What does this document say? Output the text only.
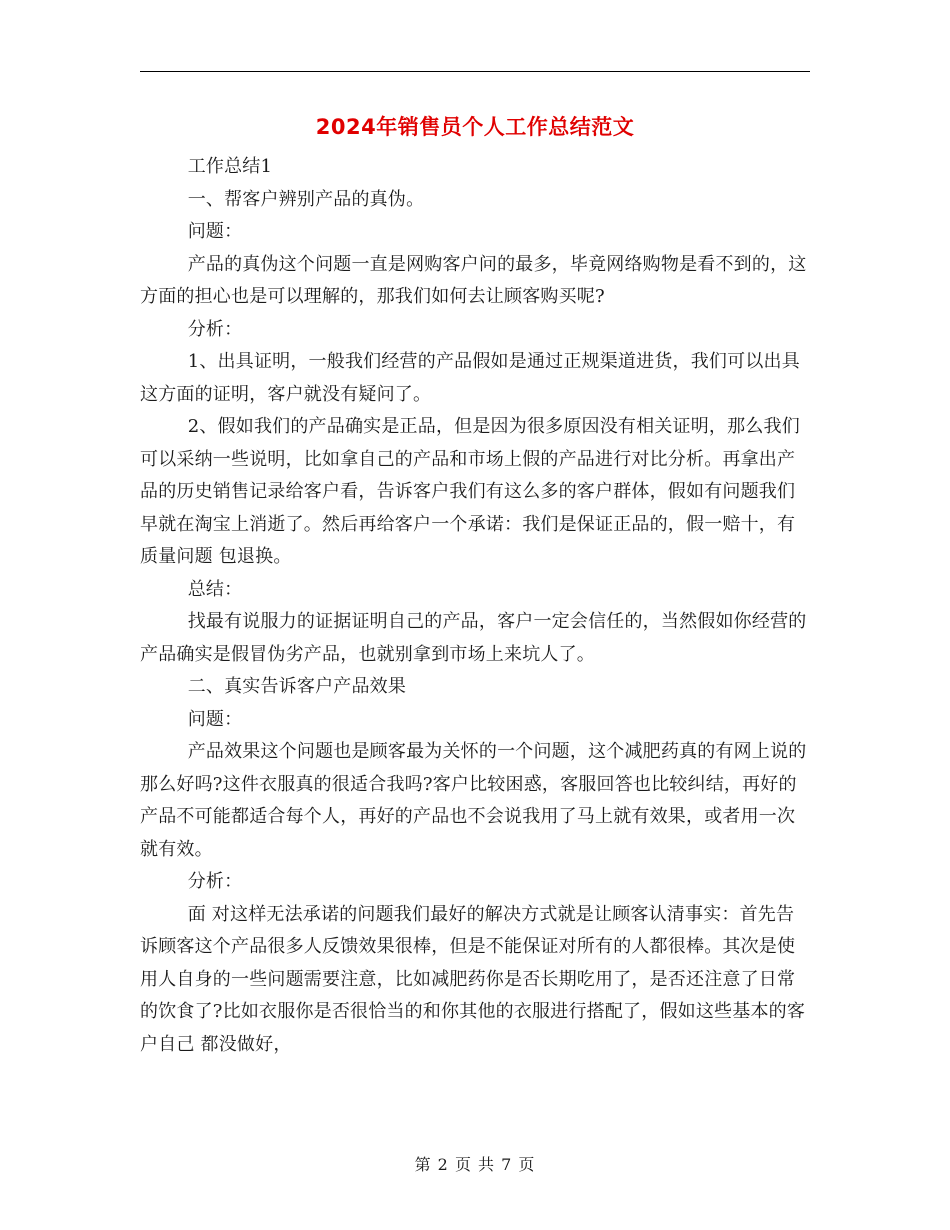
2024年销售员个人工作总结范文

工作总结1

一、帮客户辨别产品的真伪。

问题：

产品的真伪这个问题一直是网购客户问的最多，毕竟网络购物是看不到的，这方面的担心也是可以理解的，那我们如何去让顾客购买呢?

分析：

1、出具证明，一般我们经营的产品假如是通过正规渠道进货，我们可以出具这方面的证明，客户就没有疑问了。

2、假如我们的产品确实是正品，但是因为很多原因没有相关证明，那么我们可以采纳一些说明，比如拿自己的产品和市场上假的产品进行对比分析。再拿出产品的历史销售记录给客户看，告诉客户我们有这么多的客户群体，假如有问题我们早就在淘宝上消逝了。然后再给客户一个承诺：我们是保证正品的，假一赔十，有质量问题 包退换。

总结：

找最有说服力的证据证明自己的产品，客户一定会信任的，当然假如你经营的产品确实是假冒伪劣产品，也就别拿到市场上来坑人了。

二、真实告诉客户产品效果

问题：

产品效果这个问题也是顾客最为关怀的一个问题，这个减肥药真的有网上说的那么好吗?这件衣服真的很适合我吗?客户比较困惑，客服回答也比较纠结，再好的产品不可能都适合每个人，再好的产品也不会说我用了马上就有效果，或者用一次就有效。

分析：

面 对这样无法承诺的问题我们最好的解决方式就是让顾客认清事实：首先告诉顾客这个产品很多人反馈效果很棒，但是不能保证对所有的人都很棒。其次是使用人自身的一些问题需要注意，比如减肥药你是否长期吃用了，是否还注意了日常的饮食了?比如衣服你是否很恰当的和你其他的衣服进行搭配了，假如这些基本的客户自己 都没做好，

第 2 页 共 7 页
